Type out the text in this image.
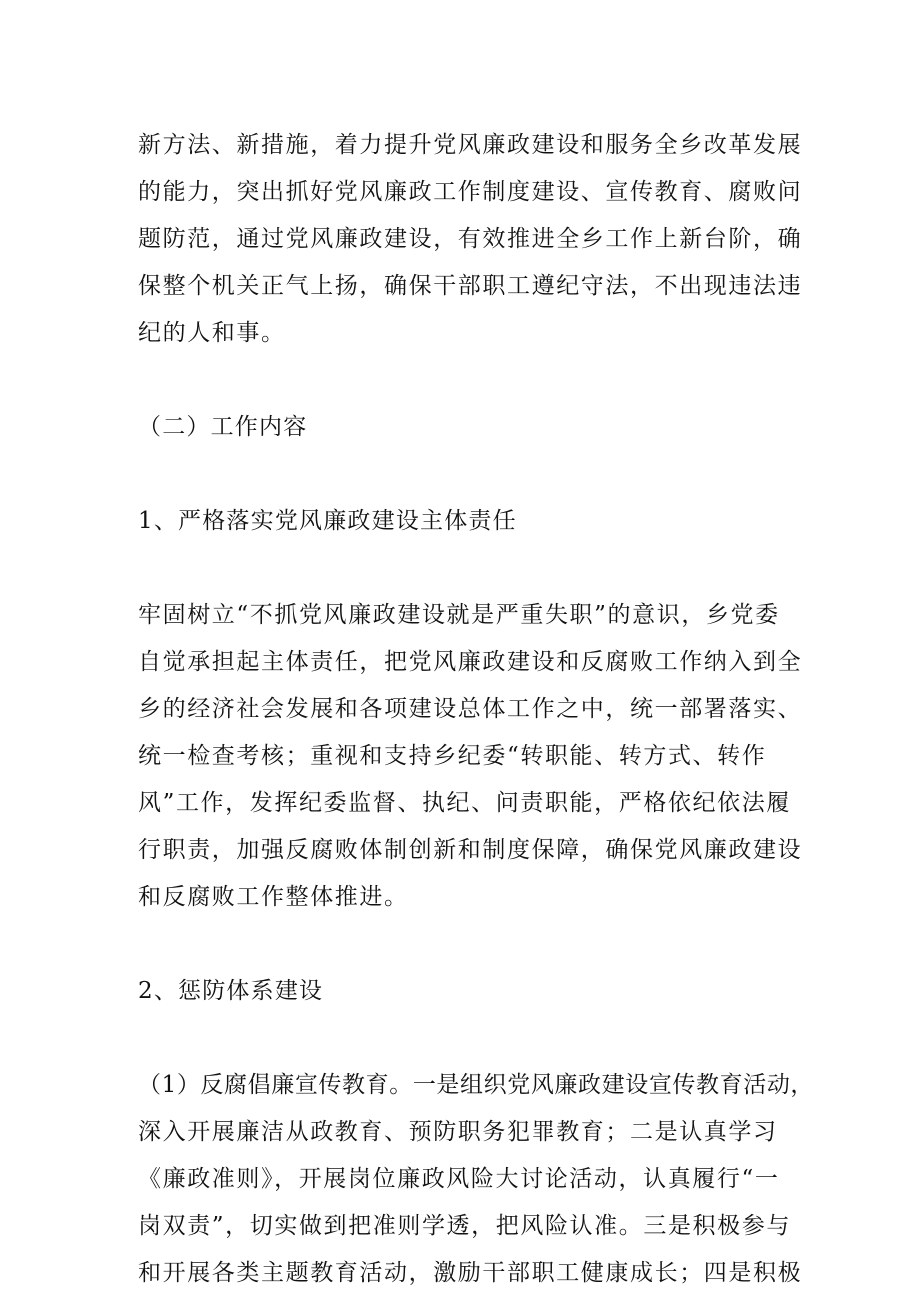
新方法、新措施，着力提升党风廉政建设和服务全乡改革发展
的能力，突出抓好党风廉政工作制度建设、宣传教育、腐败问
题防范，通过党风廉政建设，有效推进全乡工作上新台阶，确
保整个机关正气上扬，确保干部职工遵纪守法，不出现违法违
纪的人和事。
（二）工作内容
1、严格落实党风廉政建设主体责任
牢固树立“不抓党风廉政建设就是严重失职”的意识，乡党委
自觉承担起主体责任，把党风廉政建设和反腐败工作纳入到全
乡的经济社会发展和各项建设总体工作之中，统一部署落实、
统一检查考核；重视和支持乡纪委“转职能、转方式、转作
风”工作，发挥纪委监督、执纪、问责职能，严格依纪依法履
行职责，加强反腐败体制创新和制度保障，确保党风廉政建设
和反腐败工作整体推进。
2、惩防体系建设
（1）反腐倡廉宣传教育。一是组织党风廉政建设宣传教育活动，
深入开展廉洁从政教育、预防职务犯罪教育；二是认真学习
《廉政准则》，开展岗位廉政风险大讨论活动，认真履行“一
岗双责”，切实做到把准则学透，把风险认准。三是积极参与
和开展各类主题教育活动，激励干部职工健康成长；四是积极
